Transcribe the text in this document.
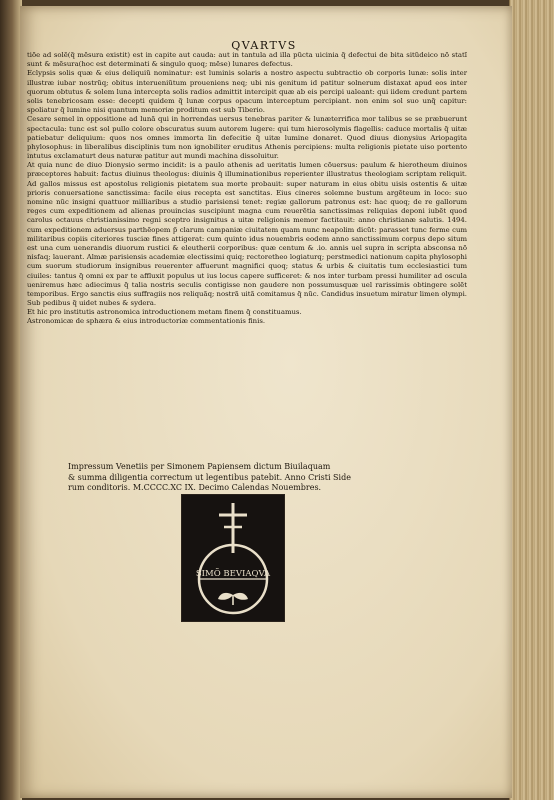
QVARTVS

tiõe ad solẽ(q̃ mẽsura existit) est in capite aut cauda: aut in tantula ad illa pũcta uicinia q̃ defectui de bita sitũdeico nõ statĩ sunt & mẽsura(hoc est determinati & singulo quoq; mẽse) lunares defectus.

Eclypsis solis quæ & eius deliquiũ nominatur: est luminis solaris a nostro aspectu subtractio ob corporis lunæ: solis inter illustræ iubar nostrũq; obitus interueniũtum proueniens neq; ubi nis genitum id patitur solnerum distaxat apud eos inter quorum obtutus & solem luna intercepta solis radios admittit intercipit quæ ab eis percipi ualeant: qui iidem credunt partem solis tenebricosam esse: decepti quidem q̃ lunæ corpus opacum interceptum percipiant. non enim sol suo unq̃ capitur: spoliatur q̃ lumine nisi quantum memoriæ proditum est sub Tiberio.

Cesare semel in oppositione ad lunã qui in horrendas uersus tenebras pariter & lunæterrifica mor talibus se se præbuerunt spectacula: tunc est sol pullo colore obscuratus suum autorem lugere: qui tum hierosolymis flagellis: caduce mortalis q̃ uitæ patiebatur deliquium: quos nos omnes immorta lin defecitie q̃ uitæ lumine donaret. Quod diuus dionysius Ariopagita phylosophus: in liberalibus disciplinis tum non ignobiliter eruditus Athenis percipiens: multa religionis pietate uiso portento intutus exclamaturt deus naturæ patitur aut mundi machina dissoluitur.

At quia nunc de diuo Dionysio sermo incidit: is a paulo athenis ad ueritatis lumen cõuersus: paulum & hierotheum diuinos præceptores habuit: factus diuinus theologus: diuinis q̃ illuminationibus reperienter illustratus theologiam scriptam reliquit. Ad gallos missus est apostolus religionis pietatem sua morte probauit: super naturam in eius obitu uisis ostentis & uitæ prioris conuersatione sanctissima: facile eius recepta est sanctitas. Eius cineres solemne bustum argẽteum in loco: suo nomine nũc insigni quattuor milliaribus a studio parisiensi tenet: regiæ gallorum patronus est: hac quoq; de re gallorum reges cum expeditionem ad alienas prouincias suscipiunt magna cum reuerẽtia sanctissimas reliquias deponi iubẽt quod carolus octauus christianissimo regni sceptro insignitus a uitæ religionis memor factitauit: anno christianæ salutis. 1494. cum expeditionem aduersus parthẽopem p̃ clarum campaniæ ciuitatem quam nunc neapolim dicũt: parasset tunc ferme cum militaribus copiis citeriores tusciæ fines attigerat: cum quinto idus nouembris eodem anno sanctissimum corpus depo situm est una cum uenerandis diuorum rustici & eleutherii corporibus: quæ centum & .io. annis uel supra in scripta absconsa nõ nisfaq; lauerant. Almæ parisiensis academiæ electissimi quiq; rectoretheo logiaturq; perstmedici nationum capita phylosophi cum suorum studiorum insignibus reuerenter affuerunt magnifici quoq; status & urbis & ciuitatis tum ecclesiastici tum ciuiles: tantus q̃ omni ex par te affluxit populus ut ius locus capere sufficeret: & nos inter turbam pressi humiliter ad oscula ueniremus hæc adiecimus q̃ talia nostris seculis contigisse non gaudere non possumusquæ uel rarissimis obtingere solẽt temporibus. Ergo sanctis eius suffragiis nos reliquãq; nostrã uitã comitamus q̃ nũc. Candidus insuetum miratur limen olympi. Sub pedibus q̃ uidet nubes & sydera.

Et hic pro institutis astronomica introductionem metam finem q̃ constituamus.

Astronomicæ de sphæra & eius introductoriæ commentationis finis.

Impressum Venetiis per Simonem Papiensem dictum Biuilaquam

& summa diligentia correctum ut legentibus patebit. Anno Cristi Side

rum conditoris. M.CCCC.XC IX. Decimo Calendas Nouembres.

SIMÕ BEVIAQVA
